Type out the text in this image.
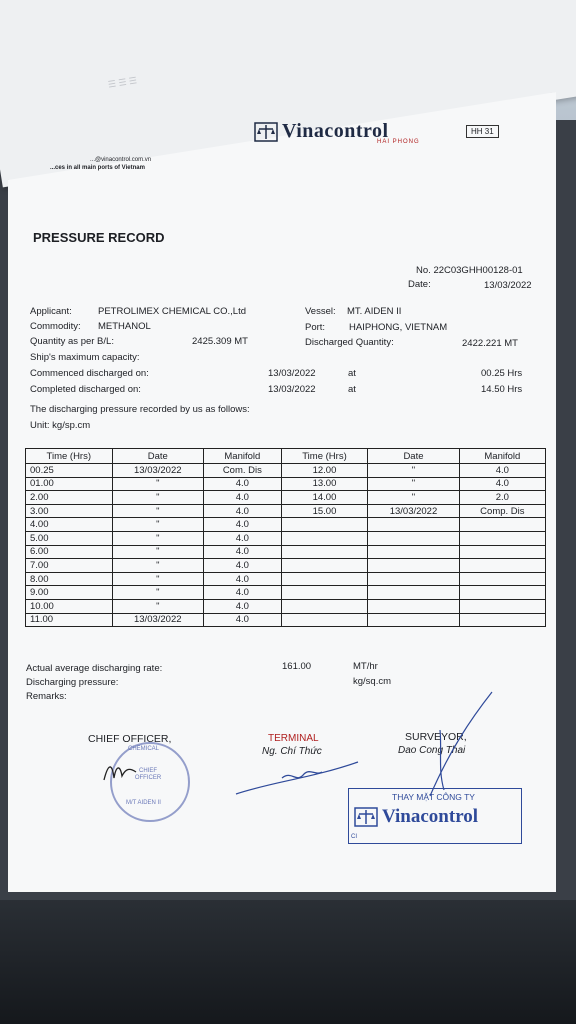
☰ ☰ ☰
Vinacontrol
HAI PHONG
HH 31
...@vinacontrol.com.vn
...ces in all main ports of Vietnam
PRESSURE RECORD
No. 22C03GHH00128-01
Date:	13/03/2022
Applicant:	PETROLIMEX CHEMICAL CO.,Ltd	Vessel: MT. AIDEN II
Commodity: METHANOL	Port:	HAIPHONG, VIETNAM
Quantity as per B/L:	2425.309 MT	Discharged Quantity:	2422.221 MT
Ship's maximum capacity:
Commenced discharged on:	13/03/2022	at	00.25 Hrs
Completed discharged on:	13/03/2022	at	14.50 Hrs
The discharging pressure recorded by us as follows:
Unit: kg/sp.cm
Time (Hrs)	Date	Manifold	Time (Hrs)	Date	Manifold
00.25	13/03/2022	Com. Dis	12.00	"	4.0
01.00	"	4.0	13.00	"	4.0
2.00	"	4.0	14.00	"	2.0
3.00	"	4.0	15.00	13/03/2022	Comp. Dis
4.00	"	4.0			
5.00	"	4.0			
6.00	"	4.0			
7.00	"	4.0			
8.00	"	4.0			
9.00	"	4.0			
10.00	"	4.0			
11.00	13/03/2022	4.0			
Actual average discharging rate:	161.00	MT/hr
Discharging pressure:	kg/sq.cm
Remarks:
CHIEF OFFICER,
CHEMICAL
CHIEF OFFICER
M/T AIDEN II
TERMINAL
Ng. Chí Thức
SURVEYOR,
Dao Cong Thai
THAY MẶT CÔNG TY
Vinacontrol
CI
